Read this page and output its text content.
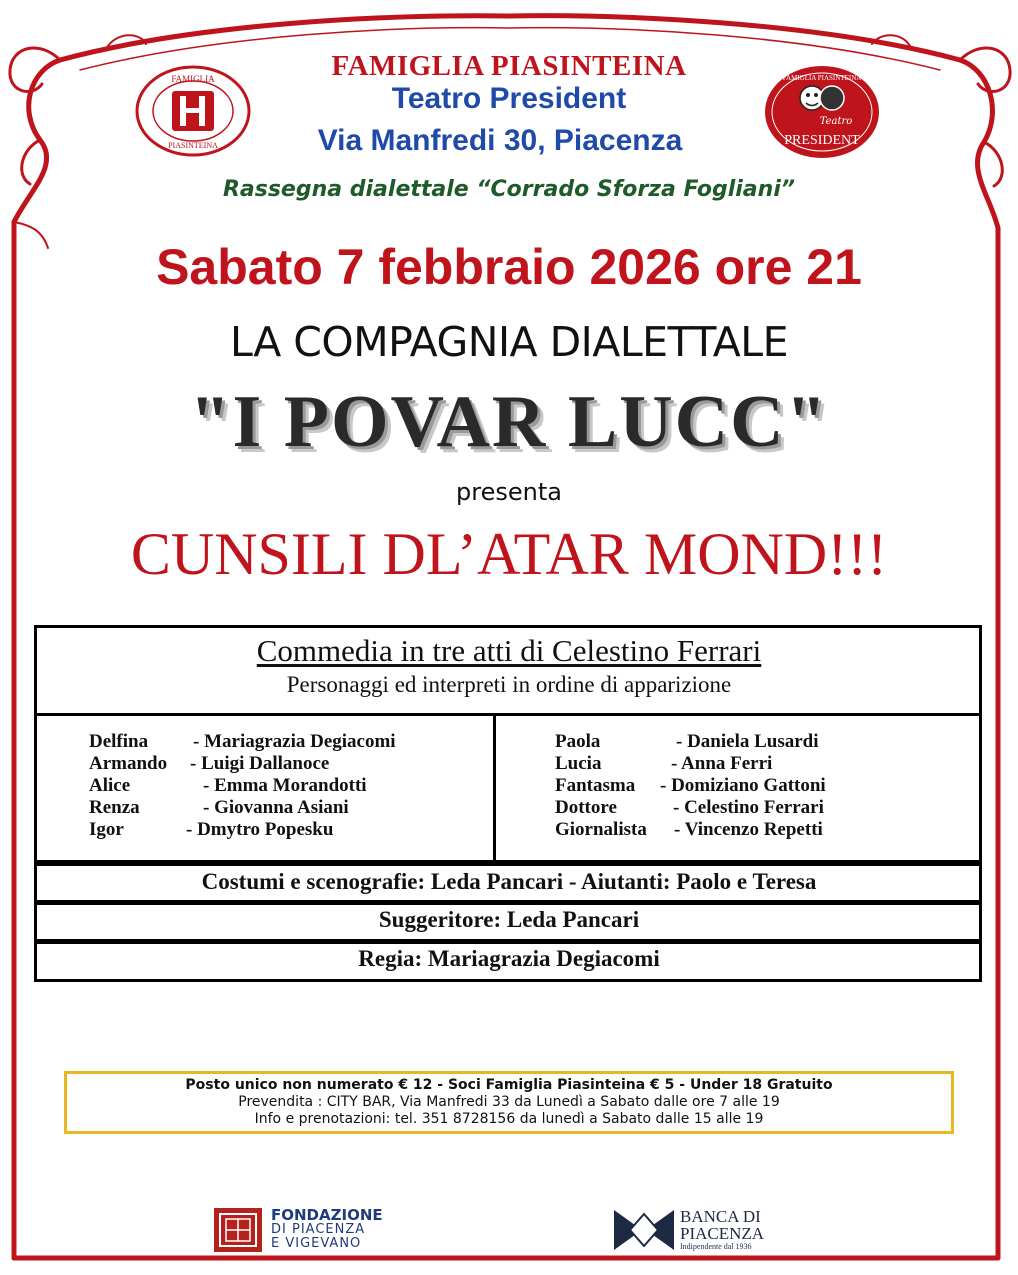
FAMIGLIA
PIASINTEINA
FAMIGLIA PIASINTEINA
Teatro
PRESIDENT
FAMIGLIA PIASINTEINA
Teatro President
Via Manfredi 30, Piacenza
Rassegna dialettale “Corrado Sforza Fogliani”
Sabato 7 febbraio 2026 ore 21
LA COMPAGNIA DIALETTALE
"I POVAR LUCC"
presenta
CUNSILI DL’ATAR MOND!!!
Commedia in tre atti di Celestino Ferrari
Personaggi ed interpreti in ordine di apparizione
Delfina - Mariagrazia Degiacomi
Armando - Luigi Dallanoce
Alice	- Emma Morandotti
Renza	- Giovanna Asiani
Igor	- Dmytro Popesku
Paola	- Daniela Lusardi
Lucia	- Anna Ferri
Fantasma - Domiziano Gattoni
Dottore	- Celestino Ferrari
Giornalista - Vincenzo Repetti
Costumi e scenografie: Leda Pancari - Aiutanti: Paolo e Teresa
Suggeritore: Leda Pancari
Regia: Mariagrazia Degiacomi
Posto unico non numerato € 12 - Soci Famiglia Piasinteina € 5 - Under 18 Gratuito
Prevendita : CITY BAR, Via Manfredi 33 da Lunedì a Sabato dalle ore 7 alle 19
Info e prenotazioni: tel. 351 8728156 da lunedì a Sabato dalle 15 alle 19
FONDAZIONE
DI PIACENZA
E VIGEVANO
BANCA DI
PIACENZA
Indipendente dal 1936
